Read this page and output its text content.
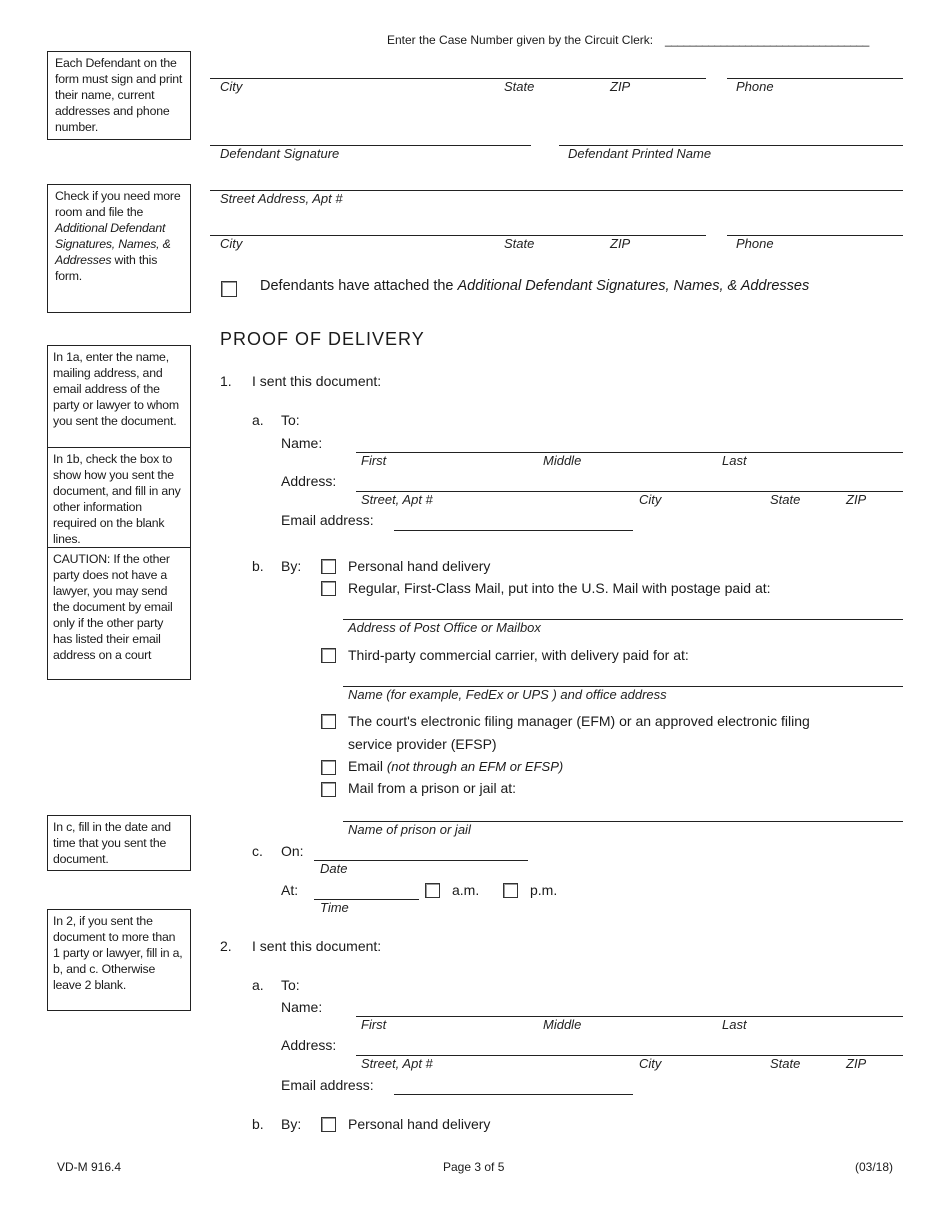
Enter the Case Number given by the Circuit Clerk: _________________________________
Each Defendant on the form must sign and print their name, current addresses and phone number.
Check if you need more room and file the Additional Defendant Signatures, Names, & Addresses with this form.
In 1a, enter the name, mailing address, and email address of the party or lawyer to whom you sent the document.
In 1b, check the box to show how you sent the document, and fill in any other information required on the blank lines.
CAUTION: If the other party does not have a lawyer, you may send the document by email only if the other party has listed their email address on a court
In c, fill in the date and time that you sent the document.
In 2, if you sent the document to more than 1 party or lawyer, fill in a, b, and c. Otherwise leave 2 blank.
City	State	ZIP	Phone
Defendant Signature	Defendant Printed Name
Street Address, Apt #
City	State	ZIP	Phone
Defendants have attached the Additional Defendant Signatures, Names, & Addresses
PROOF OF DELIVERY
1. I sent this document:
a. To:
Name:
First	Middle	Last
Address:
Street, Apt #	City	State	ZIP
Email address:
b. By:	Personal hand delivery
Regular, First-Class Mail, put into the U.S. Mail with postage paid at:
Address of Post Office or Mailbox
Third-party commercial carrier, with delivery paid for at:
Name (for example, FedEx or UPS ) and office address
The court's electronic filing manager (EFM) or an approved electronic filing
service provider (EFSP)
Email (not through an EFM or EFSP)
Mail from a prison or jail at:
Name of prison or jail
c. On:
Date
At:	a.m.	p.m.
Time
2. I sent this document:
a. To:
Name:
First	Middle	Last
Address:
Street, Apt #	City	State	ZIP
Email address:
b. By:	Personal hand delivery
VD-M 916.4	Page 3 of 5	(03/18)
